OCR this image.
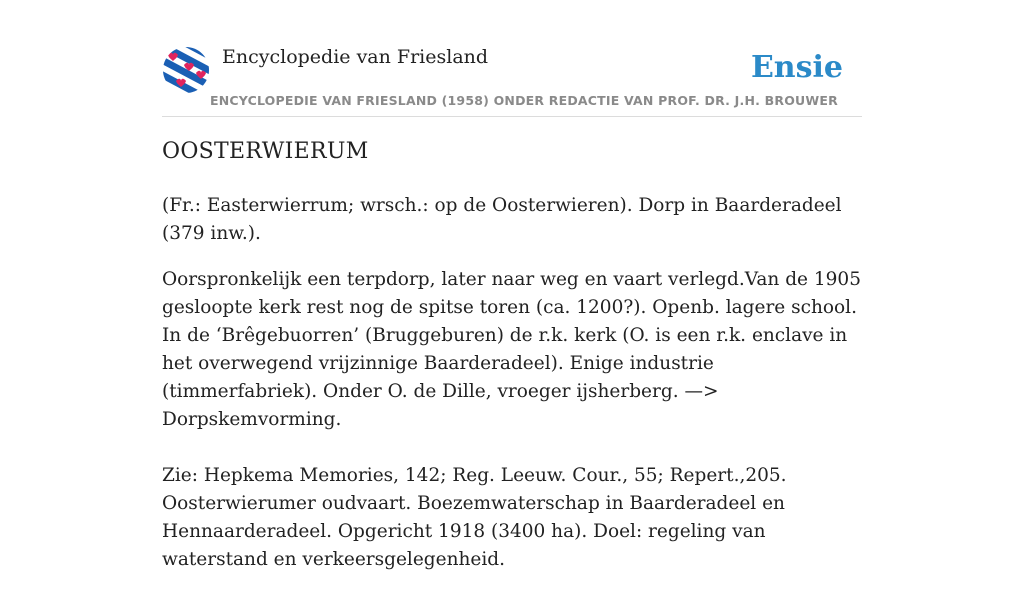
Encyclopedie van Friesland	Ensie
ENCYCLOPEDIE VAN FRIESLAND (1958) ONDER REDACTIE VAN PROF. DR. J.H. BROUWER
OOSTERWIERUM

(Fr.: Easterwierrum; wrsch.: op de Oosterwieren). Dorp in Baarderadeel (379 inw.).

Oorspronkelijk een terpdorp, later naar weg en vaart verlegd.Van de 1905 gesloopte kerk rest nog de spitse toren (ca. 1200?). Openb. lagere school. In de ‘Brêgebuorren’ (Bruggeburen) de r.k. kerk (O. is een r.k. enclave in het overwegend vrijzinnige Baarderadeel). Enige industrie (timmerfabriek). Onder O. de Dille, vroeger ijsherberg. —> Dorpskemvorming.

Zie: Hepkema Memories, 142; Reg. Leeuw. Cour., 55; Repert.,205. Oosterwierumer oudvaart. Boezemwaterschap in Baarderadeel en Hennaarderadeel. Opgericht 1918 (3400 ha). Doel: regeling van waterstand en verkeersgelegenheid.
